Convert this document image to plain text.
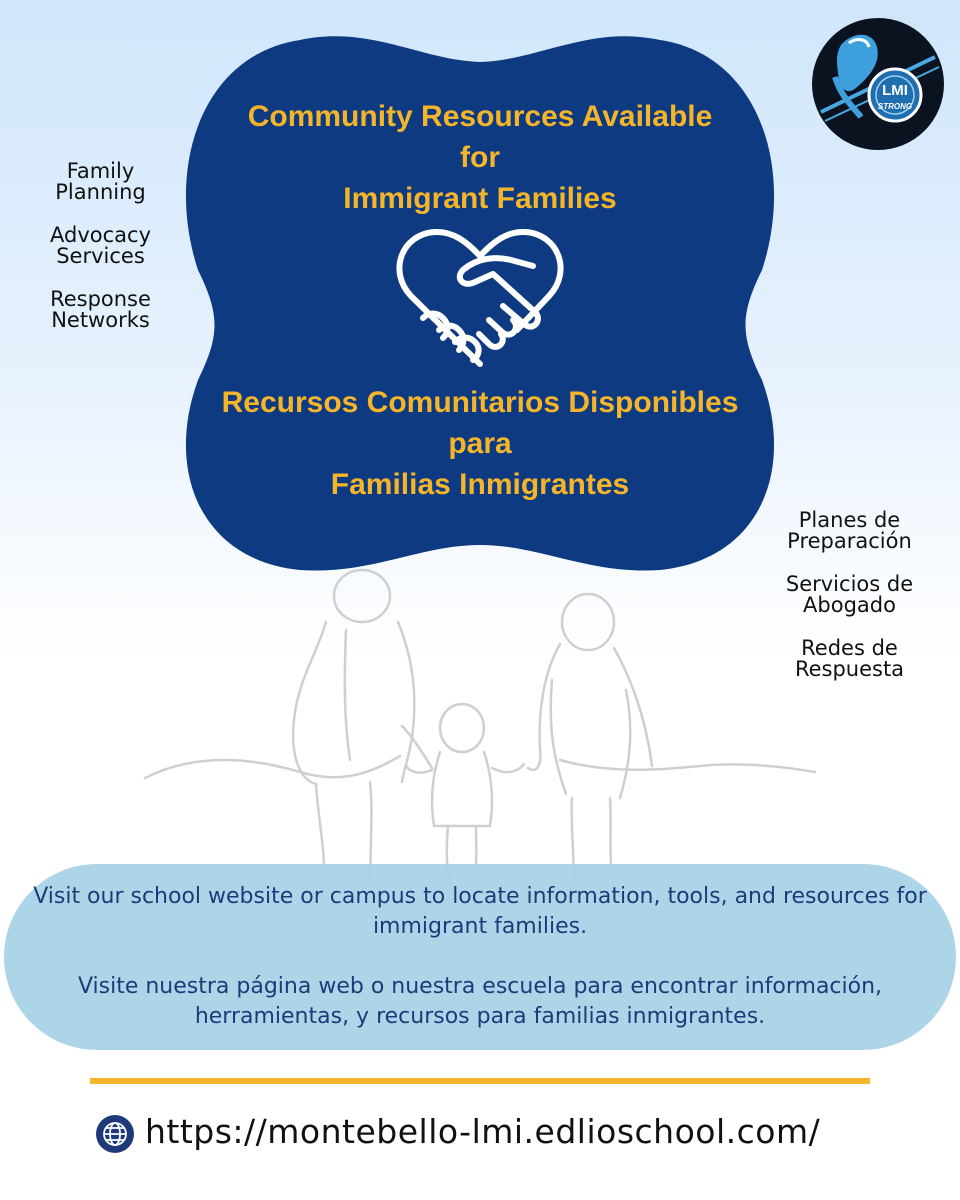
Community Resources Available
for
Immigrant Families
Recursos Comunitarios Disponibles
para
Familias Inmigrantes
LMI
STRONG
Family
Planning
Advocacy
Services
Response
Networks
Planes de
Preparación
Servicios de
Abogado
Redes de
Respuesta

Visit our school website or campus to locate information, tools, and resources for immigrant families.

Visite nuestra página web o nuestra escuela para encontrar información, herramientas, y recursos para familias inmigrantes.

https://montebello-lmi.edlioschool.com/
